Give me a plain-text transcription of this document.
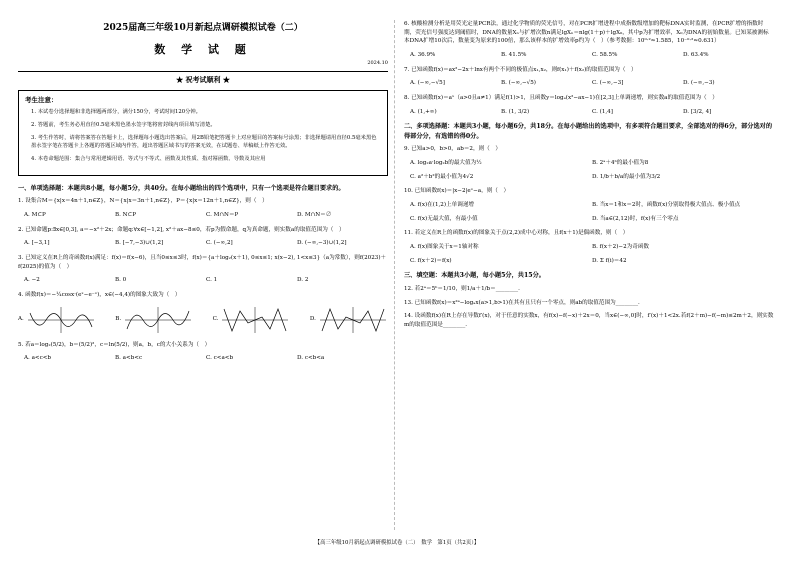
2025届高三年级10月新起点调研模拟试卷（二）
数 学 试 题
2024.10
★ 祝考试顺利 ★
考生注意：
1. 本试卷分选择题和非选择题两部分，满分150分，考试时间120分钟。
2. 答题前，考生务必用直径0.5毫米黑色墨水签字笔将密封线内项目填写清楚。
3. 考生作答时，请将答案答在答题卡上，选择题每小题选出答案后，用2B铅笔把答题卡上对应题目的答案标号涂黑；非选择题请用直径0.5毫米黑色墨水签字笔在答题卡上各题的答题区域内作答，超出答题区域书写的答案无效，在试题卷、草稿纸上作答无效。
4. 本卷命题范围：集合与常用逻辑用语、等式与不等式、函数及其性质、指对幂函数、导数及其应用
一、单项选择题：本题共8小题，每小题5分，共40分。在每小题给出的四个选项中，只有一个选项是符合题目要求的。
1. 设集合M＝{x|x＝4n＋1,n∈Z}，N＝{x|x＝3n＋1,n∈Z}，P＝{x|x＝12n＋1,n∈Z}，则（　）
A. M⊂P	B. N⊂P	C. M∩N＝P	D. M∩N＝∅
2. 已知命题p:∃x∈[0,3], a＝−x²＋2x；命题q:∀x∈[−1,2], x²＋ax−8≤0，若p为假命题，q为真命题，则实数a的取值范围为（　）
A. [−3,1]	B. [−7,−3)∪(1,2]	C. (−∞,2]	D. (−∞,−3)∪(1,2]
3. 已知定义在R上的奇函数f(x)满足：f(x)＝f(x−6)，且当0≤x≤3时，f(x)＝{a＋log₂(x＋1), 0≤x≤1; x(x−2), 1<x≤3}（a为常数），则f(2023)＋f(2025)的值为（　）
A. −2	B. 0	C. 1	D. 2
4. 函数f(x)＝−¼cosx·(eˣ−e⁻ˣ)，x∈(−4,4)的图象大致为（　）
A.	B.	C.	D.
5. 若a＝log₂(5/2)，b＝(5/2)²，c＝ln(5/2)，则a，b，c的大小关系为（　）
A. a<c<b	B. a<b<c	C. c<a<b	D. c<b<a
6. 核酸检测分析是用荧光定量PCR法，通过化学物质的荧光信号，对在PCR扩增进程中成指数级增加的靶标DNA实时监测，在PCR扩增的指数时期，荧光信号强度达到阈值时，DNA的数量Xₙ与扩增次数n满足lgXₙ＝nlg(1＋p)＋lgX₀，其中p为扩增效率，X₀为DNA的初始数量。已知某被测标本DNA扩增10次后，数量变为原来的100倍，那么该样本的扩增效率p约为（　）（参考数据：10⁰·²≈1.585，10⁻⁰·²≈0.631）
A. 36.9%	B. 41.5%	C. 58.5%	D. 63.4%
7. 已知函数f(x)＝ax²−2x＋lnx有两个不同的极值点x₁,x₂，则f(x₁)＋f(x₂)的取值范围为（　）
A. (−∞,−√5]	B. (−∞,−√5)	C. (−∞,−3]	D. (−∞,−3)
8. 已知函数f(x)＝aˣ（a>0且a≠1）满足f(1)>1，且函数y＝logₐ(x²−ax−1)在[2,3]上单调递增，则实数a的取值范围为（　）
A. (1,+∞)	B. (1, 3/2)	C. (1,4]	D. [3/2, 4]
二、多项选择题：本题共3小题，每小题6分，共18分。在每小题给出的选项中，有多项符合题目要求，全部选对的得6分，部分选对的得部分分，有选错的得0分。
9. 已知a>0，b>0，ab＝2，则（　）
A. log₂a·log₂b的最大值为½	B. 2ᵃ＋4ᵇ的最小值为8
C. a²＋b²的最小值为4√2	D. 1/b＋b/a的最小值为3/2
10. 已知函数f(x)＝|x−2|eˣ−a，则（　）
A. f(x)在(1,2)上单调递增	B. 当x＝1和x＝2时，函数f(x)分别取得极大值点、极小值点
C. f(x)无最大值，有最小值	D. 当a∈(2,12)时，f(x)有三个零点
11. 若定义在R上的函数f(x)的图象关于点(2,2)成中心对称，且f(x＋1)是偶函数，则（　）
A. f(x)图象关于x＝1轴对称	B. f(x＋2)−2为奇函数
C. f(x＋2)＝f(x)	D. Σ f(i)＝42
三、填空题：本题共3小题，每小题5分，共15分。
12. 若2ᵃ＝5ᵇ＝1/10，则1/a＋1/b＝________.
13. 已知函数f(x)＝x²ᵃ−logₐx(a>1,b>1)在其有且只有一个零点，则ab的取值范围为________.
14. 设函数f(x)在R上存在导数f′(x)，对于任意的实数x，有f(x)−f(−x)＋2x＝0，当x∈(−∞,0]时，f′(x)＋1<2x.若f(2＋m)−f(−m)≤2m＋2，则实数m的取值范围是________.
【高三年级10月新起点调研模拟试卷（二）　数学　第1页（共2页）】
